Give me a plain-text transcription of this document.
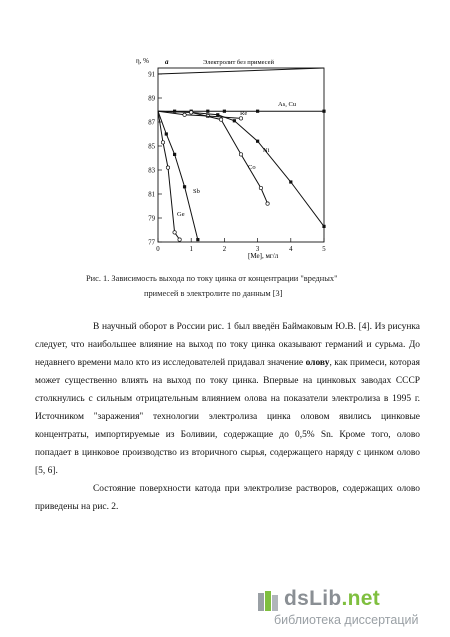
η, % а	Электролит без примесей
[Me], мг/л
As, Cu
Re
Ni
Co
Sb
Ge
91
89
87
85
83
81
79
77
0	1	2	3	4	5
Рис. 1. Зависимость выхода по току цинка от концентрации "вредных"
примесей в электролите по данным [3]

В научный оборот в России рис. 1 был введён Баймаковым Ю.В. [4]. Из рисунка следует, что наибольшее влияние на выход по току цинка оказывают германий и сурьма. До недавнего времени мало кто из исследователей придавал значение олову, как примеси, которая может существенно влиять на выход по току цинка. Впервые на цинковых заводах СССР столкнулись с сильным отрицательным влиянием олова на показатели электролиза в 1995 г. Источником "заражения" технологии электролиза цинка оловом явились цинковые концентраты, импортируемые из Боливии, содержащие до 0,5% Sn. Кроме того, олово попадает в цинковое производство из вторичного сырья, содержащего наряду с цинком олово [5, 6].

Состояние поверхности катода при электролизе растворов, содержащих олово приведены на рис. 2.

dsLib.net
библиотека диссертаций
